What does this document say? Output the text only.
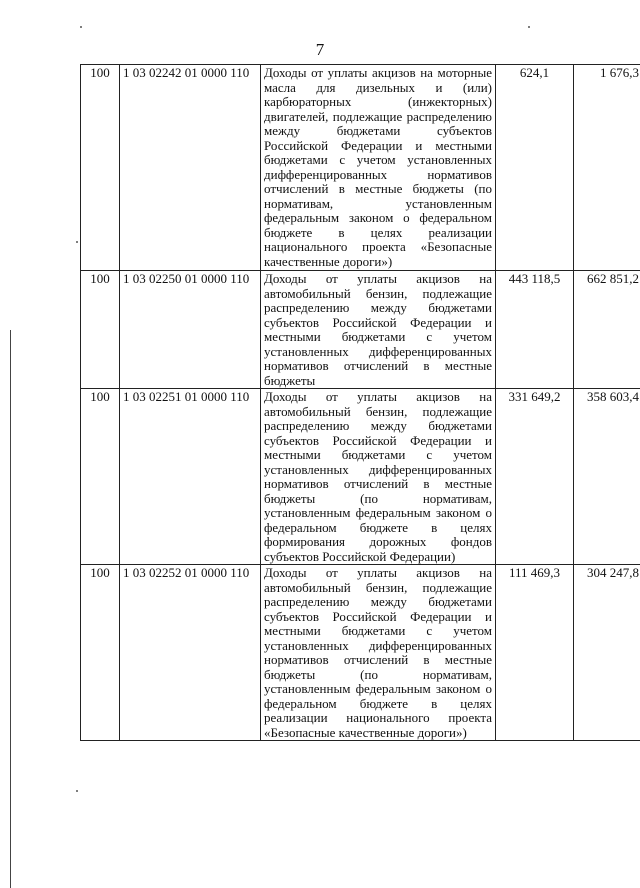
7
100	1 03 02242 01 0000 110	Доходы от уплаты акцизов на моторные масла для дизельных и (или) карбюраторных (инжекторных) двигателей, подлежащие распределению между бюджетами субъектов Российской Федерации и местными бюджетами с учетом установленных дифференцированных нормативов отчислений в местные бюджеты (по нормативам, установленным федеральным законом о федеральном бюджете в целях реализации национального проекта «Безопасные качественные дороги»)	624,1	1 676,3
100	1 03 02250 01 0000 110	Доходы от уплаты акцизов на автомобильный бензин, подлежащие распределению между бюджетами субъектов Российской Федерации и местными бюджетами с учетом установленных дифференцированных нормативов отчислений в местные бюджеты	443 118,5	662 851,2
100	1 03 02251 01 0000 110	Доходы от уплаты акцизов на автомобильный бензин, подлежащие распределению между бюджетами субъектов Российской Федерации и местными бюджетами с учетом установленных дифференцированных нормативов отчислений в местные бюджеты (по нормативам, установленным федеральным законом о федеральном бюджете в целях формирования дорожных фондов субъектов Российской Федерации)	331 649,2	358 603,4
100	1 03 02252 01 0000 110	Доходы от уплаты акцизов на автомобильный бензин, подлежащие распределению между бюджетами субъектов Российской Федерации и местными бюджетами с учетом установленных дифференцированных нормативов отчислений в местные бюджеты (по нормативам, установленным федеральным законом о федеральном бюджете в целях реализации национального проекта «Безопасные качественные дороги»)	111 469,3	304 247,8
